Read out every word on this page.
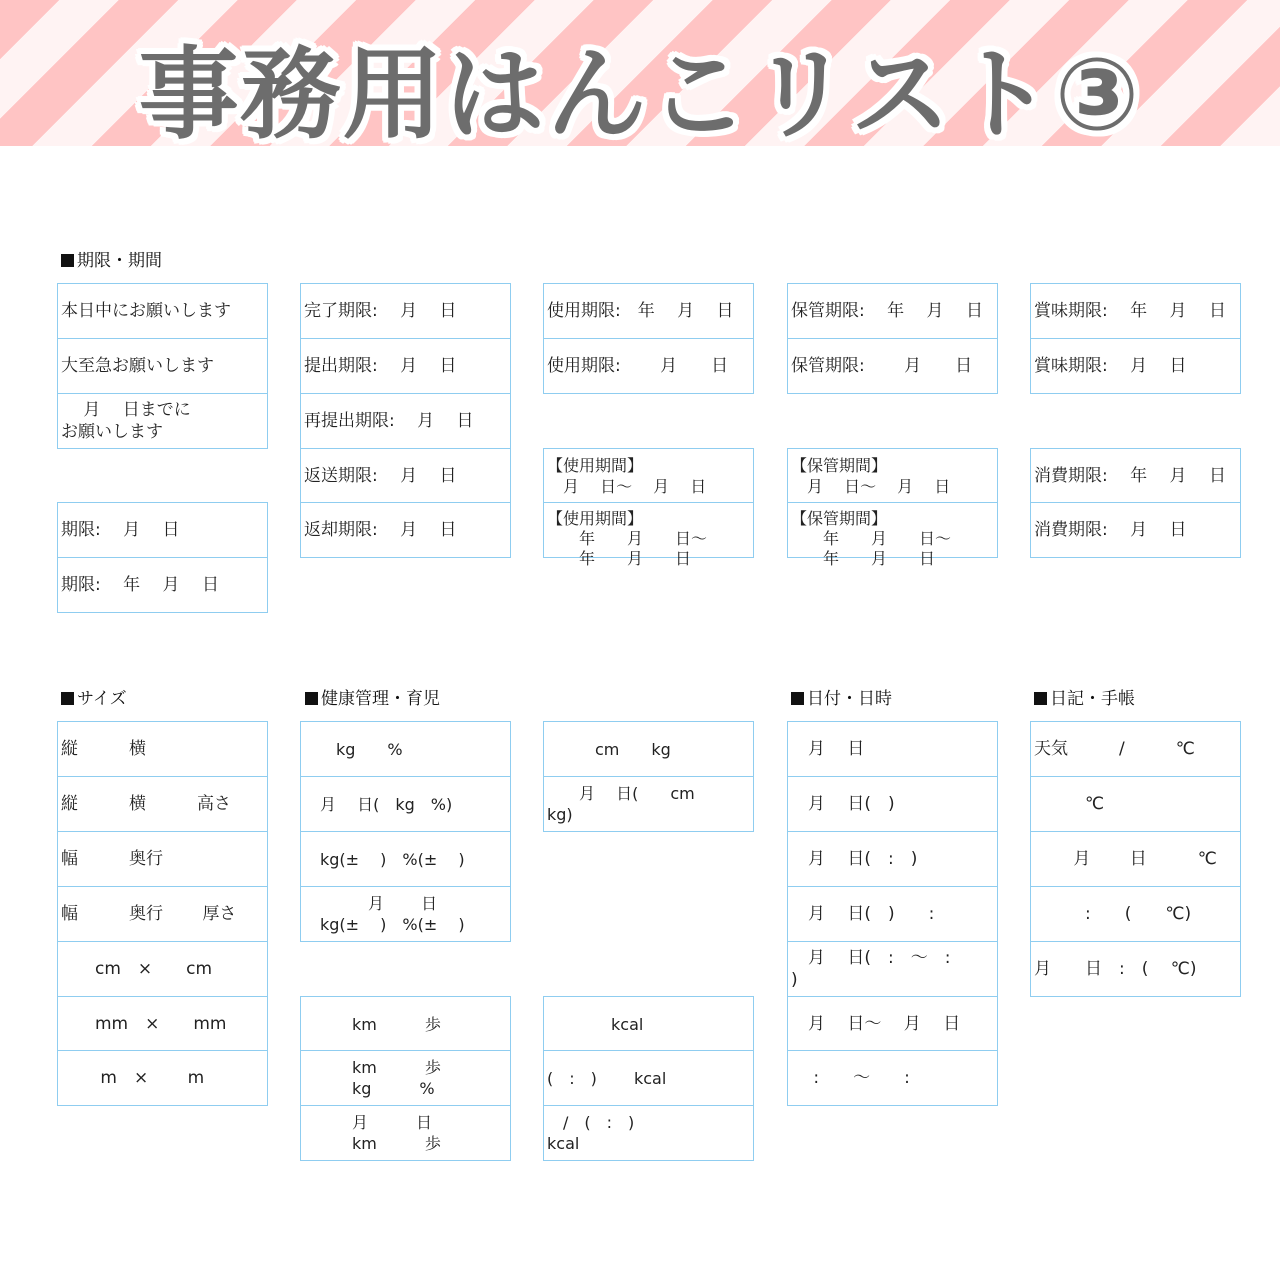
事務用はんこリスト③
期限・期間
サイズ	健康管理・育児	日付・日時	日記・手帳
本日中にお願いします
大至急お願いします
　 月　 日までに
お願いします
期限:　 月　 日
期限:　 年　 月　 日
完了期限:　 月　 日
提出期限:　 月　 日
再提出期限:　 月　 日
返送期限:　 月　 日
返却期限:　 月　 日
使用期限:　年　 月　 日
使用期限:　　 月　　日
【使用期間】
　月　 日～　 月　 日
【使用期間】
　　年　　月　　日～
　　年　　月　　日
保管期限:　 年　 月　 日
保管期限:　　 月　　日
【保管期間】
　月　 日～　 月　 日
【保管期間】
　　年　　月　　日～
　　年　　月　　日
賞味期限:　 年　 月　 日
賞味期限:　 月　 日
消費期限:　 年　 月　 日
消費期限:　 月　 日
縦　　　横
縦　　　横　　　高さ
幅　　　奥行
幅　　　奥行　　 厚さ
　　cm　×　　cm
　　mm　×　　mm
　　 m　×　　 m
　　kg　　%
　月　 日(　kg　%)
　kg(±　 )　%(±　 )
　　　　月　　 日
　kg(±　 )　%(±　 )
　　　km　　　歩
　　　km　　　歩
　　　kg　　　%
　　　月　　　日
　　　km　　　歩
　　　cm　　kg
　　月　 日(　　cm
kg)
　　　　kcal
(　:　)　　 kcal
　/　(　:　)
kcal
　月　 日
　月　 日(　)
　月　 日(　:　)
　月　 日(　)　　:
　月　 日(　:　～　:
)
　月　 日～　 月　 日
　 :　　～　　:
天気　　　/　　　℃
　　　℃
　　 月　　 日　　　℃
　　　:　　(　　℃)
月　　日　:　(　 ℃)
